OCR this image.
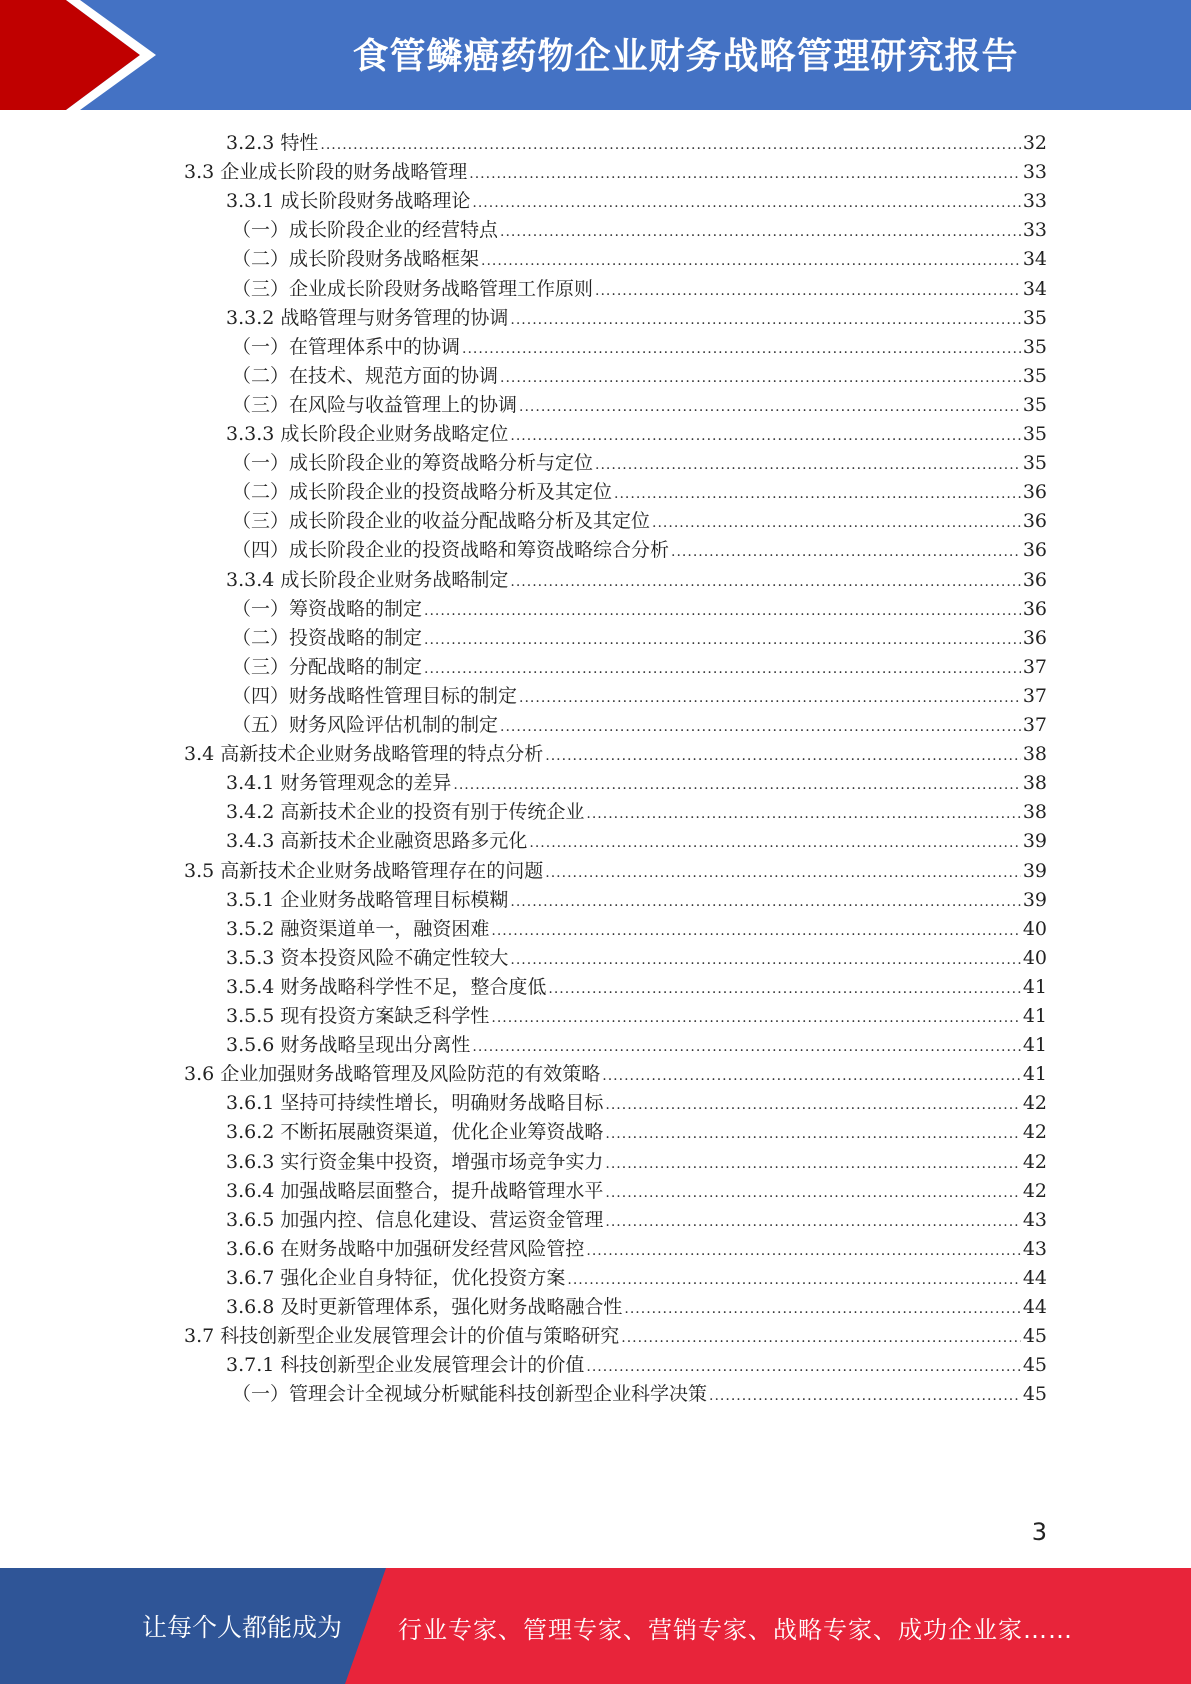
食管鳞癌药物企业财务战略管理研究报告
3.2.3 特性 .....	32
3.3 企业成长阶段的财务战略管理 .....	33
3.3.1 成长阶段财务战略理论 .....	33
（一）成长阶段企业的经营特点 .....	33
（二）成长阶段财务战略框架 .....	34
（三）企业成长阶段财务战略管理工作原则 .....	34
3.3.2 战略管理与财务管理的协调 .....	35
（一）在管理体系中的协调 .....	35
（二）在技术、规范方面的协调 .....	35
（三）在风险与收益管理上的协调 .....	35
3.3.3 成长阶段企业财务战略定位 .....	35
（一）成长阶段企业的筹资战略分析与定位 .....	35
（二）成长阶段企业的投资战略分析及其定位 .....	36
（三）成长阶段企业的收益分配战略分析及其定位 .....	36
（四）成长阶段企业的投资战略和筹资战略综合分析 .....	36
3.3.4 成长阶段企业财务战略制定 .....	36
（一）筹资战略的制定 .....	36
（二）投资战略的制定 .....	36
（三）分配战略的制定 .....	37
（四）财务战略性管理目标的制定 .....	37
（五）财务风险评估机制的制定 .....	37
3.4 高新技术企业财务战略管理的特点分析 .....	38
3.4.1 财务管理观念的差异 .....	38
3.4.2 高新技术企业的投资有别于传统企业 .....	38
3.4.3 高新技术企业融资思路多元化 .....	39
3.5 高新技术企业财务战略管理存在的问题 .....	39
3.5.1 企业财务战略管理目标模糊 .....	39
3.5.2 融资渠道单一，融资困难 .....	40
3.5.3 资本投资风险不确定性较大 .....	40
3.5.4 财务战略科学性不足，整合度低 .....	41
3.5.5 现有投资方案缺乏科学性 .....	41
3.5.6 财务战略呈现出分离性 .....	41
3.6 企业加强财务战略管理及风险防范的有效策略 .....	41
3.6.1 坚持可持续性增长，明确财务战略目标 .....	42
3.6.2 不断拓展融资渠道，优化企业筹资战略 .....	42
3.6.3 实行资金集中投资，增强市场竞争实力 .....	42
3.6.4 加强战略层面整合，提升战略管理水平 .....	42
3.6.5 加强内控、信息化建设、营运资金管理 .....	43
3.6.6 在财务战略中加强研发经营风险管控 .....	43
3.6.7 强化企业自身特征，优化投资方案 .....	44
3.6.8 及时更新管理体系，强化财务战略融合性 .....	44
3.7 科技创新型企业发展管理会计的价值与策略研究 .....	45
3.7.1 科技创新型企业发展管理会计的价值 .....	45
（一）管理会计全视域分析赋能科技创新型企业科学决策 .....	45
3
让每个人都能成为 行业专家、管理专家、营销专家、战略专家、成功企业家……
